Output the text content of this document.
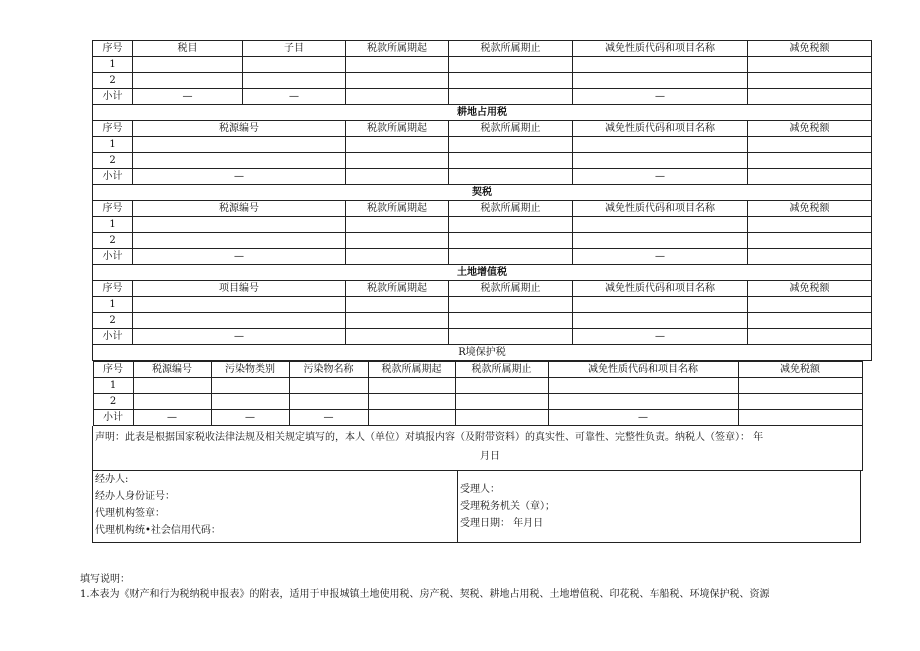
序号	税目	子目	税款所属期起	税款所属期止	减免性质代码和项目名称	减免税额
1						
2						
小计	—	—			—	
耕地占用税
序号	税源编号	税款所属期起	税款所属期止	减免性质代码和项目名称	减免税额
1					
2					
小计	—			—	
契税
序号	税源编号	税款所属期起	税款所属期止	减免性质代码和项目名称	减免税额
1					
2					
小计	—			—	
土地增值税
序号	项目编号	税款所属期起	税款所属期止	减免性质代码和项目名称	减免税额
1					
2					
小计	—			—	
R境保护税

序号	税源编号	污染物类别	污染物名称	税款所属期起	税款所属期止	减免性质代码和项目名称	减免税额
1							
2							
小计	—	—	—			—	
声明：此表是根据国家税收法律法规及相关规定填写的，本人（单位）对填报内容（及附带资料）的真实性、可靠性、完整性负责。纳税人（签章）： 年
月日
经办人:
经办人身份证号：
代理机构签章：
代理机构统•社会信用代码：
受理人：
受理税务机关（章）；
受理日期： 年月日
填写说明：
1.本表为《财产和行为税纳税申报表》的附表，适用于申报城镇土地使用税、房产税、契税、耕地占用税、土地增值税、印花税、车船税、环境保护税、资源
